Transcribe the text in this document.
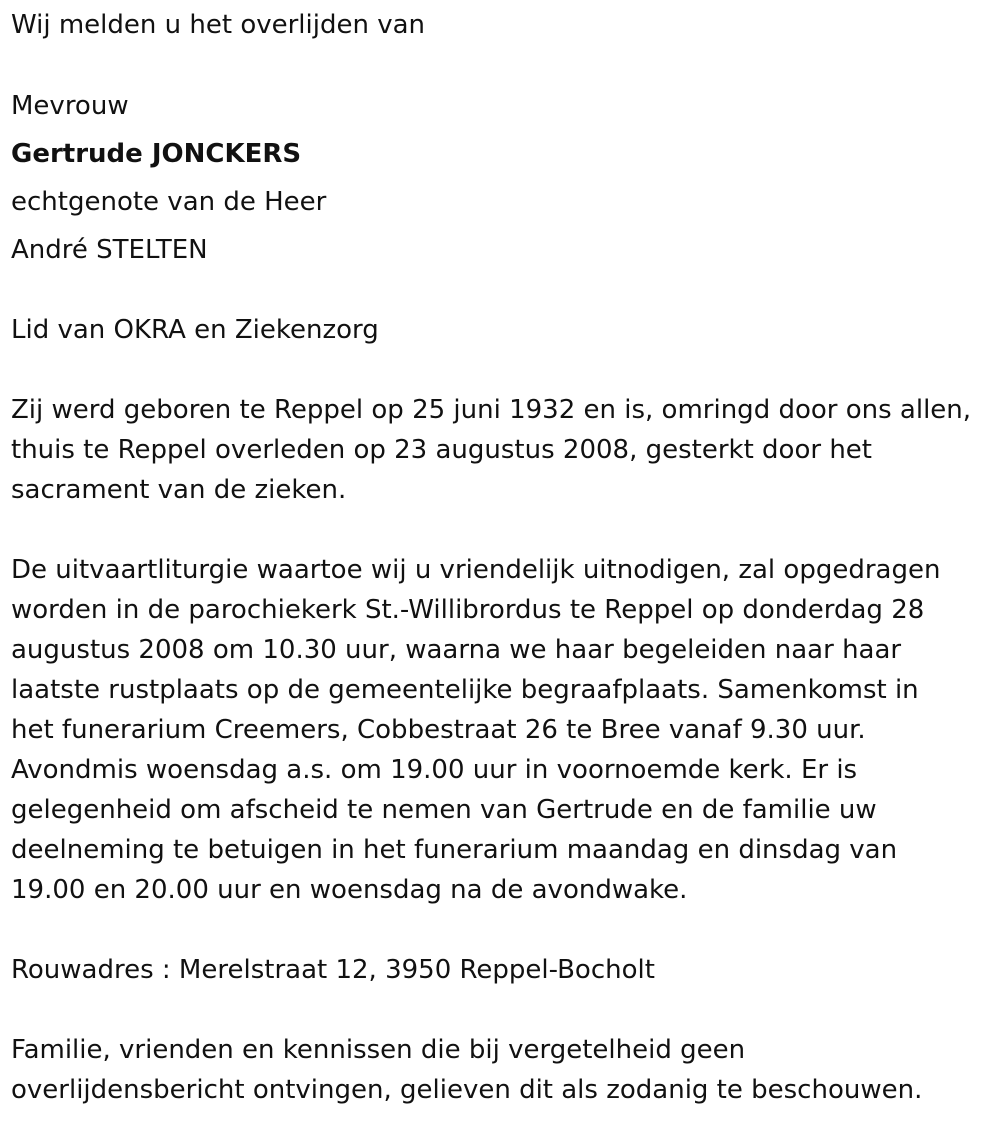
Wij melden u het overlijden van
Mevrouw
Gertrude JONCKERS
echtgenote van de Heer
André STELTEN
Lid van OKRA en Ziekenzorg
Zij werd geboren te Reppel op 25 juni 1932 en is, omringd door ons allen,
thuis te Reppel overleden op 23 augustus 2008, gesterkt door het
sacrament van de zieken.
De uitvaartliturgie waartoe wij u vriendelijk uitnodigen, zal opgedragen
worden in de parochiekerk St.-Willibrordus te Reppel op donderdag 28
augustus 2008 om 10.30 uur, waarna we haar begeleiden naar haar
laatste rustplaats op de gemeentelijke begraafplaats. Samenkomst in
het funerarium Creemers, Cobbestraat 26 te Bree vanaf 9.30 uur.
Avondmis woensdag a.s. om 19.00 uur in voornoemde kerk. Er is
gelegenheid om afscheid te nemen van Gertrude en de familie uw
deelneming te betuigen in het funerarium maandag en dinsdag van
19.00 en 20.00 uur en woensdag na de avondwake.
Rouwadres : Merelstraat 12, 3950 Reppel-Bocholt
Familie, vrienden en kennissen die bij vergetelheid geen
overlijdensbericht ontvingen, gelieven dit als zodanig te beschouwen.
